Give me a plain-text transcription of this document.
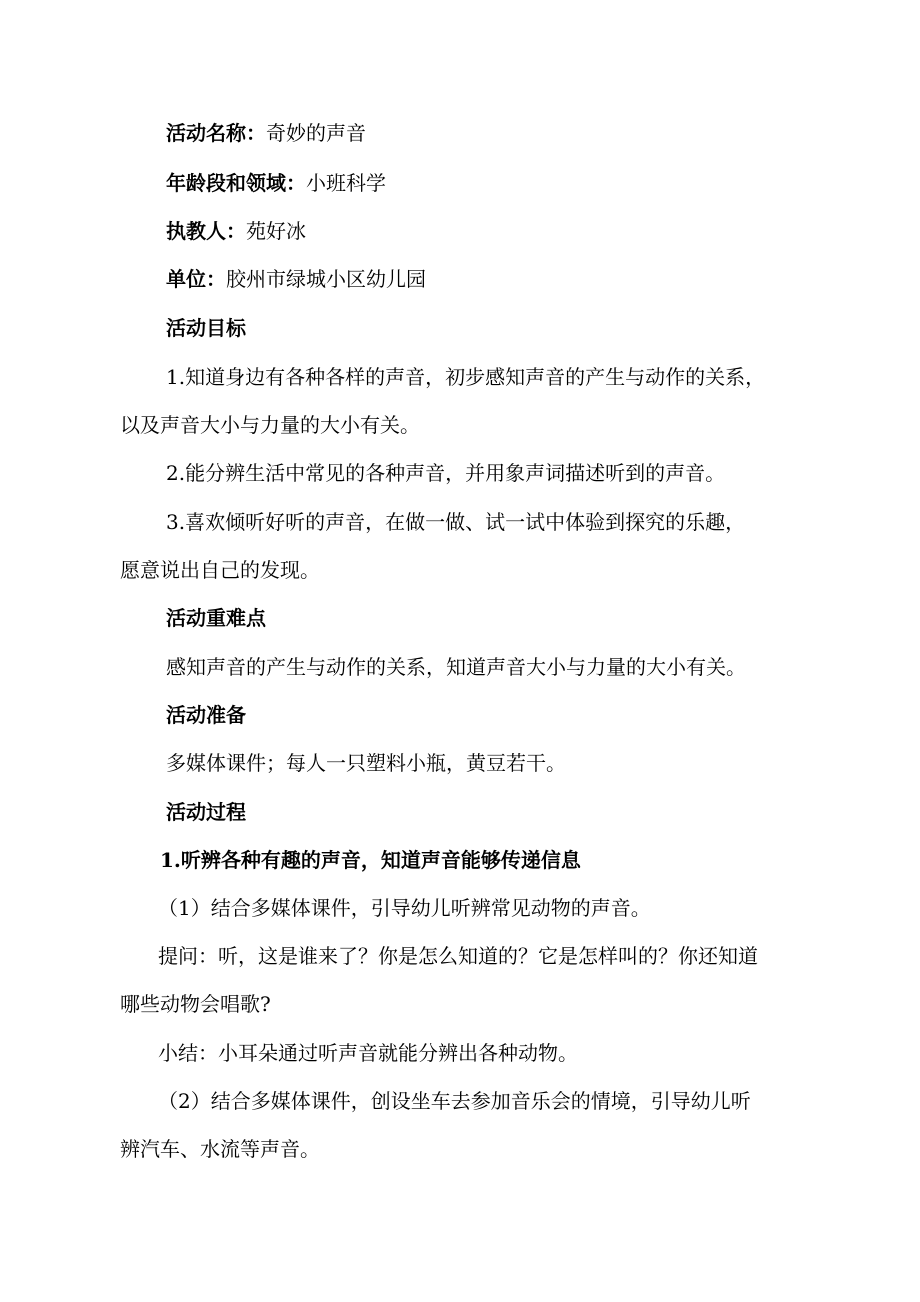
活动名称：奇妙的声音
年龄段和领域：小班科学
执教人：苑好冰
单位：胶州市绿城小区幼儿园
活动目标
1.知道身边有各种各样的声音，初步感知声音的产生与动作的关系，
以及声音大小与力量的大小有关。
2.能分辨生活中常见的各种声音，并用象声词描述听到的声音。
3.喜欢倾听好听的声音，在做一做、试一试中体验到探究的乐趣，
愿意说出自己的发现。
活动重难点
感知声音的产生与动作的关系，知道声音大小与力量的大小有关。
活动准备
多媒体课件；每人一只塑料小瓶，黄豆若干。
活动过程
1.听辨各种有趣的声音，知道声音能够传递信息
（1）结合多媒体课件，引导幼儿听辨常见动物的声音。
提问：听，这是谁来了？你是怎么知道的？它是怎样叫的？你还知道
哪些动物会唱歌?
小结：小耳朵通过听声音就能分辨出各种动物。
（2）结合多媒体课件，创设坐车去参加音乐会的情境，引导幼儿听
辨汽车、水流等声音。
